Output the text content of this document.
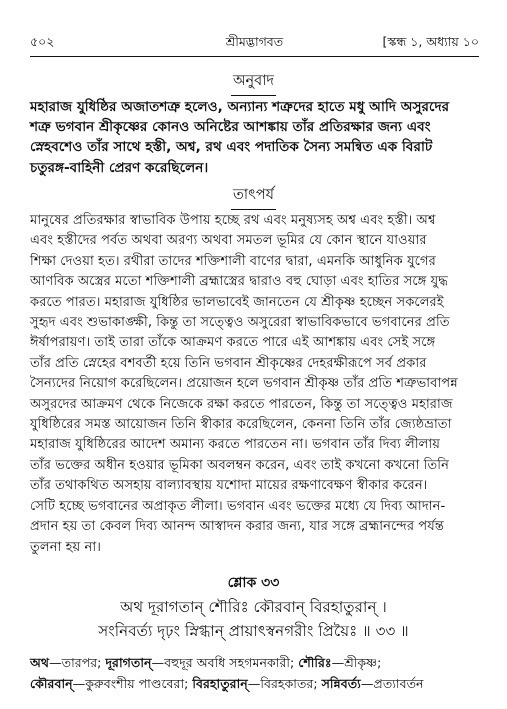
৫০২	শ্রীমদ্ভাগবত	[স্কন্ধ ১, অধ্যায় ১০
অনুবাদ
মহারাজ যুধিষ্ঠির অজাতশত্রু হলেও, অন্যান্য শত্রুদের হাতে মধু আদি অসুরদের
শত্রু ভগবান শ্রীকৃষ্ণের কোনও অনিষ্টের আশঙ্কায় তাঁর প্রতিরক্ষার জন্য এবং
স্নেহবশেও তাঁর সাথে হস্তী, অশ্ব, রথ এবং পদাতিক সৈন্য সমন্বিত এক বিরাট
চতুরঙ্গ-বাহিনী প্রেরণ করেছিলেন।
তাৎপর্য
মানুষের প্রতিরক্ষার স্বাভাবিক উপায় হচ্ছে রথ এবং মনুষ্যসহ অশ্ব এবং হস্তী। অশ্ব
এবং হস্তীদের পর্বত অথবা অরণ্য অথবা সমতল ভূমির যে কোন স্থানে যাওয়ার
শিক্ষা দেওয়া হত। রথীরা তাদের শক্তিশালী বাণের দ্বারা, এমনকি আধুনিক যুগের
আণবিক অস্ত্রের মতো শক্তিশালী ব্রহ্মাস্ত্রের দ্বারাও বহু ঘোড়া এবং হাতির সঙ্গে যুদ্ধ
করতে পারত। মহারাজ যুধিষ্ঠির ভালভাবেই জানতেন যে শ্রীকৃষ্ণ হচ্ছেন সকলেরই
সুহৃদ এবং শুভাকাঙ্ক্ষী, কিন্তু তা সত্ত্বেও অসুরেরা স্বাভাবিকভাবে ভগবানের প্রতি
ঈর্ষাপরায়ণ। তাই তারা তাঁকে আক্রমণ করতে পারে এই আশঙ্কায় এবং সেই সঙ্গে
তাঁর প্রতি স্নেহের বশবর্তী হয়ে তিনি ভগবান শ্রীকৃষ্ণের দেহরক্ষীরূপে সর্ব প্রকার
সৈন্যদের নিয়োগ করেছিলেন। প্রয়োজন হলে ভগবান শ্রীকৃষ্ণ তাঁর প্রতি শত্রুভাবাপন্ন
অসুরদের আক্রমণ থেকে নিজেকে রক্ষা করতে পারতেন, কিন্তু তা সত্ত্বেও মহারাজ
যুধিষ্ঠিরের সমস্ত আয়োজন তিনি স্বীকার করেছিলেন, কেননা তিনি তাঁর জ্যেষ্ঠভ্রাতা
মহারাজ যুধিষ্ঠিরের আদেশ অমান্য করতে পারতেন না। ভগবান তাঁর দিব্য লীলায়
তাঁর ভক্তের অধীন হওয়ার ভূমিকা অবলম্বন করেন, এবং তাই কখনো কখনো তিনি
তাঁর তথাকথিত অসহায় বাল্যাবস্থায় যশোদা মায়ের রক্ষণাবেক্ষণ স্বীকার করেন।
সেটি হচ্ছে ভগবানের অপ্রাকৃত লীলা। ভগবান এবং ভক্তের মধ্যে যে দিব্য আদান-
প্রদান হয় তা কেবল দিব্য আনন্দ আস্বাদন করার জন্য, যার সঙ্গে ব্রহ্মানন্দের পর্যন্ত
তুলনা হয় না।
শ্লোক ৩৩
অথ দূরাগতান্ শৌরিঃ কৌরবান্ বিরহাতুরান্ ।
সংনিবর্ত্য দৃঢ়ং স্নিগ্ধান্ প্রায়াৎস্বনগরীং প্রিয়ৈঃ ॥ ৩৩ ॥
অথ—তারপর; দূরাগতান্—বহুদূর অবধি সহগমনকারী; শৌরিঃ—শ্রীকৃষ্ণ;
কৌরবান্—কুরুবংশীয় পাণ্ডবেরা; বিরহাতুরান্—বিরহকাতর; সন্নিবর্ত্য—প্রত্যাবর্তন
